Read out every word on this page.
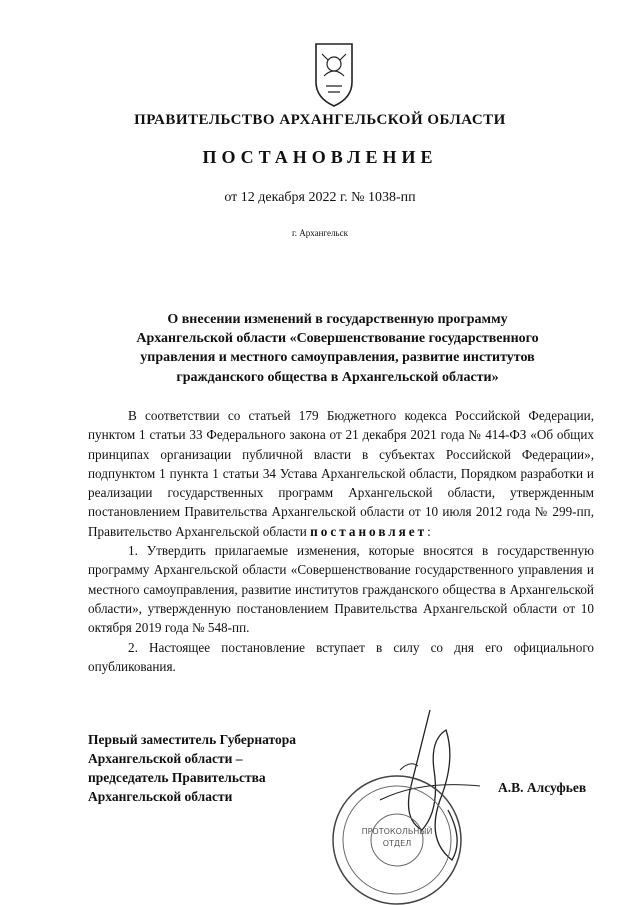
ПРАВИТЕЛЬСТВО АРХАНГЕЛЬСКОЙ ОБЛАСТИ
ПОСТАНОВЛЕНИЕ
от 12 декабря 2022 г. № 1038-пп
г. Архангельск
О внесении изменений в государственную программу
Архангельской области «Совершенствование государственного
управления и местного самоуправления, развитие институтов
гражданского общества в Архангельской области»

В соответствии со статьей 179 Бюджетного кодекса Российской Федерации, пунктом 1 статьи 33 Федерального закона от 21 декабря 2021 года № 414-ФЗ «Об общих принципах организации публичной власти в субъектах Российской Федерации», подпунктом 1 пункта 1 статьи 34 Устава Архангельской области, Порядком разработки и реализации государственных программ Архангельской области, утвержденным постановлением Правительства Архангельской области от 10 июля 2012 года № 299-пп, Правительство Архангельской области постановляет:

1. Утвердить прилагаемые изменения, которые вносятся в государственную программу Архангельской области «Совершенствование государственного управления и местного самоуправления, развитие институтов гражданского общества в Архангельской области», утвержденную постановлением Правительства Архангельской области от 10 октября 2019 года № 548-пп.

2. Настоящее постановление вступает в силу со дня его официального опубликования.

Первый заместитель Губернатора
Архангельской области –
председатель Правительства
Архангельской области
А.В. Алсуфьев
ПРОТОКОЛЬНЫЙ
ОТДЕЛ
